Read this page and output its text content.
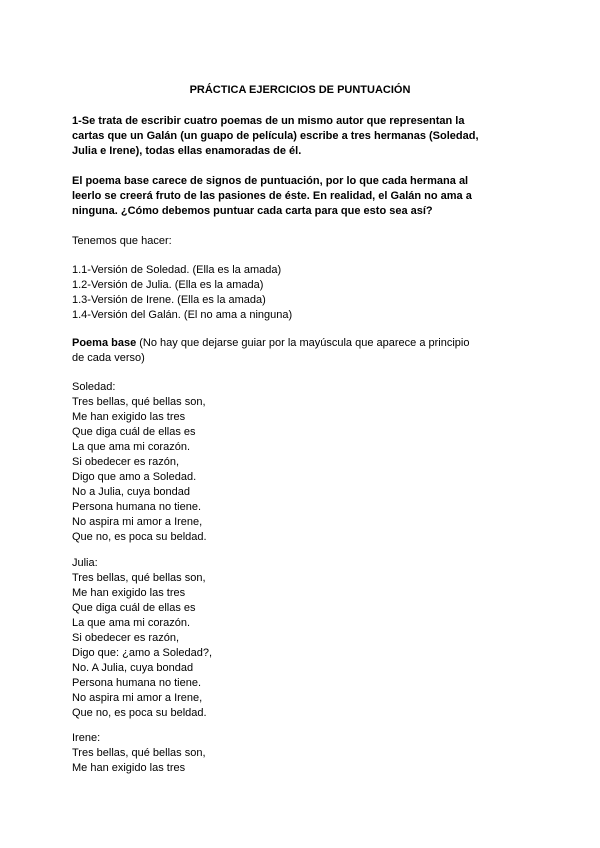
PRÁCTICA EJERCICIOS DE PUNTUACIÓN
1-Se trata de escribir cuatro poemas de un mismo autor que representan la
cartas que un Galán (un guapo de película) escribe a tres hermanas (Soledad,
Julia e Irene), todas ellas enamoradas de él.
El poema base carece de signos de puntuación, por lo que cada hermana al
leerlo se creerá fruto de las pasiones de éste. En realidad, el Galán no ama a
ninguna. ¿Cómo debemos puntuar cada carta para que esto sea así?
Tenemos que hacer:
1.1-Versión de Soledad. (Ella es la amada)
1.2-Versión de Julia. (Ella es la amada)
1.3-Versión de Irene. (Ella es la amada)
1.4-Versión del Galán. (El no ama a ninguna)
Poema base (No hay que dejarse guiar por la mayúscula que aparece a principio
de cada verso)
Soledad:
Tres bellas, qué bellas son,
Me han exigido las tres
Que diga cuál de ellas es
La que ama mi corazón.
Si obedecer es razón,
Digo que amo a Soledad.
No a Julia, cuya bondad
Persona humana no tiene.
No aspira mi amor a Irene,
Que no, es poca su beldad.
Julia:
Tres bellas, qué bellas son,
Me han exigido las tres
Que diga cuál de ellas es
La que ama mi corazón.
Si obedecer es razón,
Digo que: ¿amo a Soledad?,
No. A Julia, cuya bondad
Persona humana no tiene.
No aspira mi amor a Irene,
Que no, es poca su beldad.
Irene:
Tres bellas, qué bellas son,
Me han exigido las tres
